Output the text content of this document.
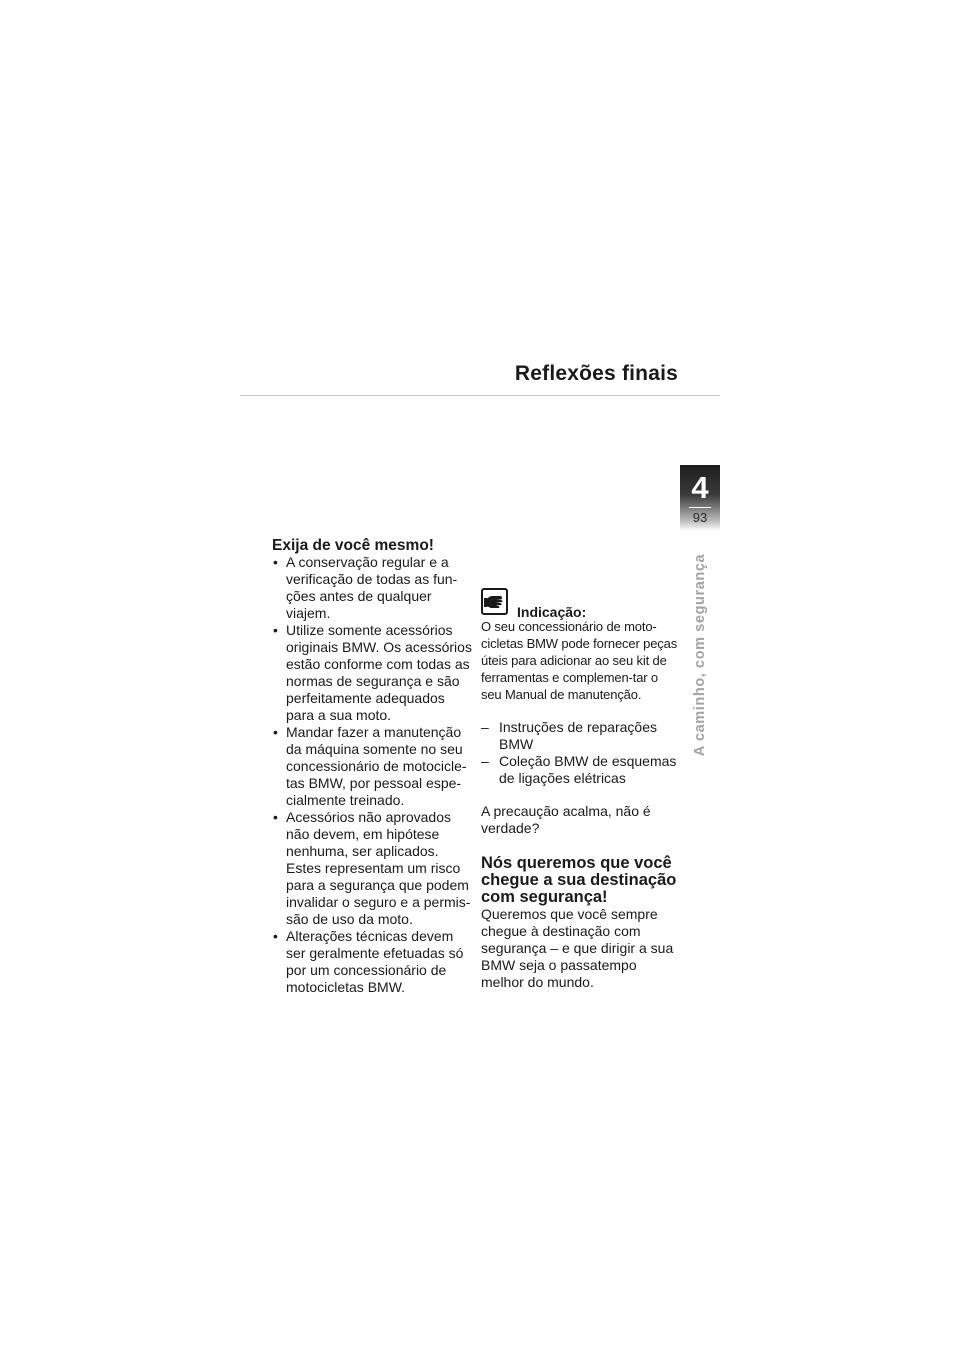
Reflexões finais
4
93
A caminho, com segurança
Exija de você mesmo!
• A conservação regular e a verificação de todas as fun-ções antes de qualquer viajem.
• Utilize somente acessórios originais BMW. Os acessórios estão conforme com todas as normas de segurança e são perfeitamente adequados para a sua moto.
• Mandar fazer a manutenção da máquina somente no seu concessionário de motocicle-tas BMW, por pessoal espe-cialmente treinado.
• Acessórios não aprovados não devem, em hipótese nenhuma, ser aplicados. Estes representam um risco para a segurança que podem invalidar o seguro e a permis-são de uso da moto.
• Alterações técnicas devem ser geralmente efetuadas só por um concessionário de motocicletas BMW.
Indicação:
O seu concessionário de moto-cicletas BMW pode fornecer peças úteis para adicionar ao seu kit de ferramentas e complemen-tar o seu Manual de manutenção.
– Instruções de reparações BMW
– Coleção BMW de esquemas de ligações elétricas

A precaução acalma, não é verdade?

Nós queremos que você chegue a sua destinação com segurança!

Queremos que você sempre chegue à destinação com segurança – e que dirigir a sua BMW seja o passatempo melhor do mundo.
